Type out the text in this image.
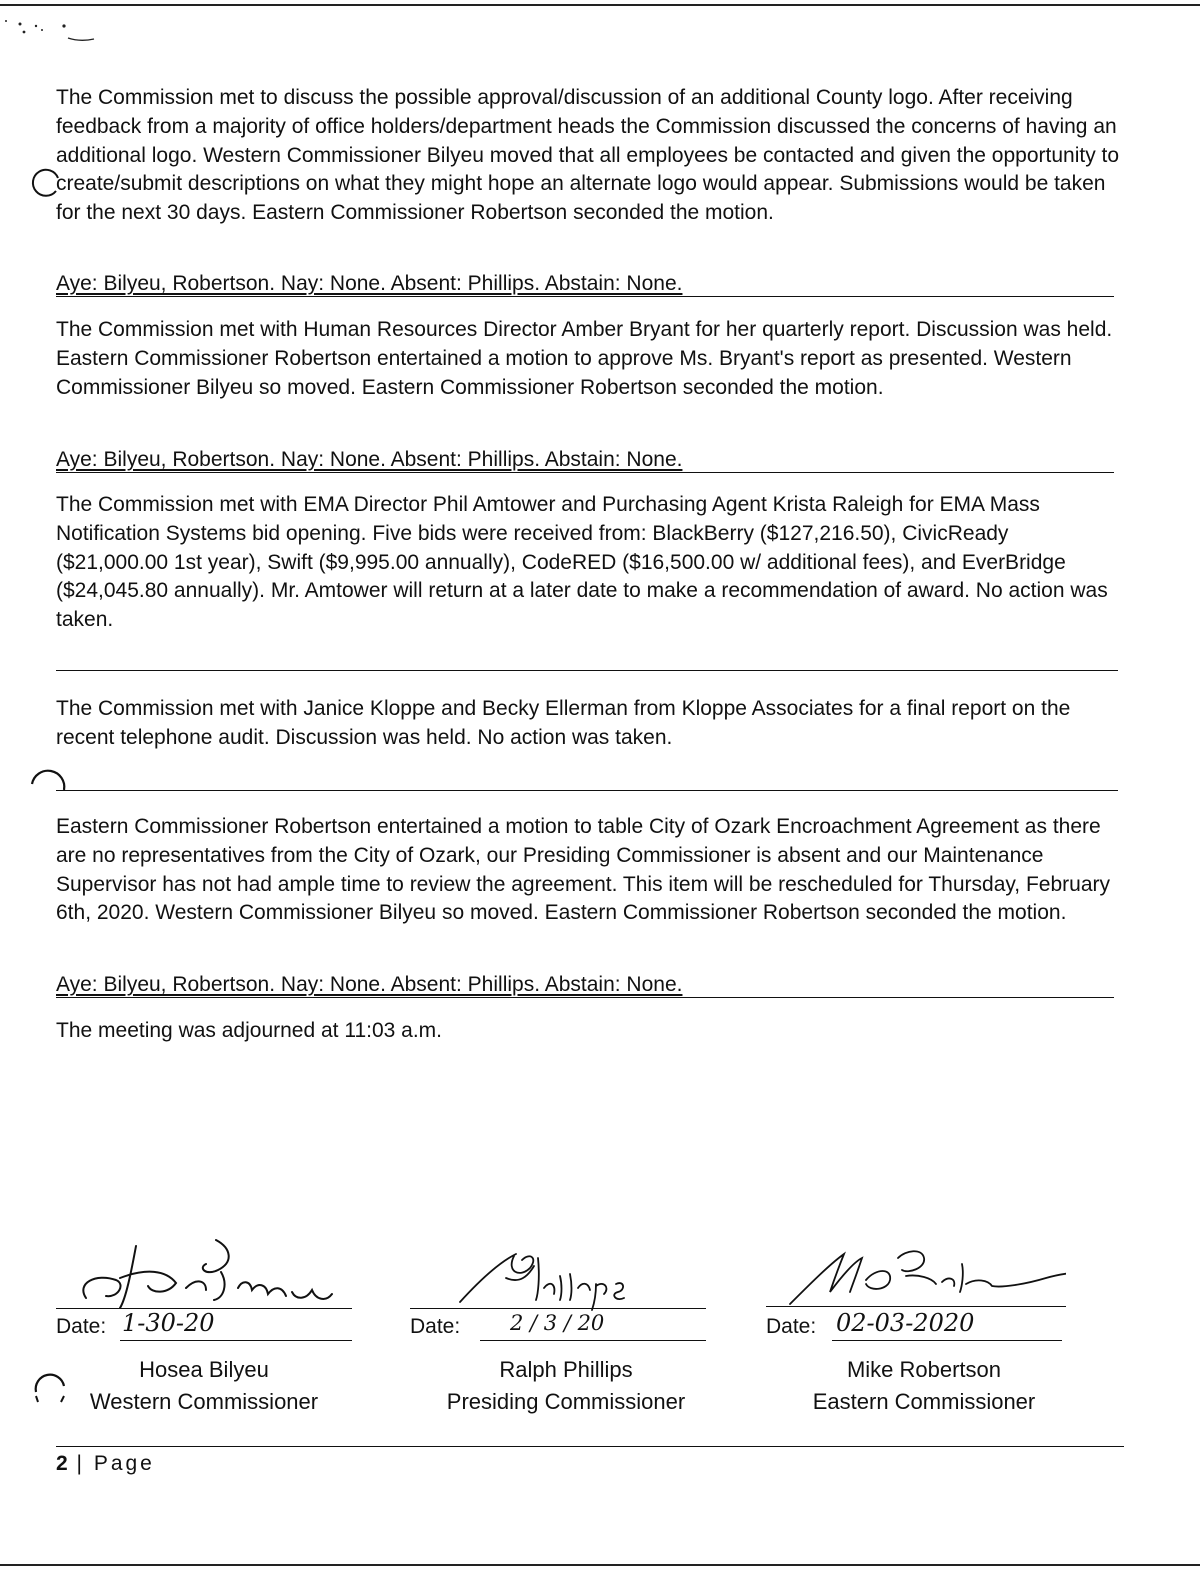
The Commission met to discuss the possible approval/discussion of an additional County logo. After receiving feedback from a majority of office holders/department heads the Commission discussed the concerns of having an additional logo. Western Commissioner Bilyeu moved that all employees be contacted and given the opportunity to create/submit descriptions on what they might hope an alternate logo would appear. Submissions would be taken for the next 30 days. Eastern Commissioner Robertson seconded the motion.

Aye: Bilyeu, Robertson. Nay: None. Absent: Phillips. Abstain: None.

The Commission met with Human Resources Director Amber Bryant for her quarterly report. Discussion was held. Eastern Commissioner Robertson entertained a motion to approve Ms. Bryant's report as presented. Western Commissioner Bilyeu so moved. Eastern Commissioner Robertson seconded the motion.

Aye: Bilyeu, Robertson. Nay: None. Absent: Phillips. Abstain: None.

The Commission met with EMA Director Phil Amtower and Purchasing Agent Krista Raleigh for EMA Mass Notification Systems bid opening. Five bids were received from: BlackBerry ($127,216.50), CivicReady ($21,000.00 1st year), Swift ($9,995.00 annually), CodeRED ($16,500.00 w/ additional fees), and EverBridge ($24,045.80 annually). Mr. Amtower will return at a later date to make a recommendation of award. No action was taken.

The Commission met with Janice Kloppe and Becky Ellerman from Kloppe Associates for a final report on the recent telephone audit. Discussion was held. No action was taken.

Eastern Commissioner Robertson entertained a motion to table City of Ozark Encroachment Agreement as there are no representatives from the City of Ozark, our Presiding Commissioner is absent and our Maintenance Supervisor has not had ample time to review the agreement. This item will be rescheduled for Thursday, February 6th, 2020. Western Commissioner Bilyeu so moved. Eastern Commissioner Robertson seconded the motion.

Aye: Bilyeu, Robertson. Nay: None. Absent: Phillips. Abstain: None.

The meeting was adjourned at 11:03 a.m.

Date: 1-30-20
Hosea Bilyeu
Western Commissioner
Date: 2 / 3 / 20
Ralph Phillips
Presiding Commissioner
Date: 02-03-2020
Mike Robertson
Eastern Commissioner
2 | Page
